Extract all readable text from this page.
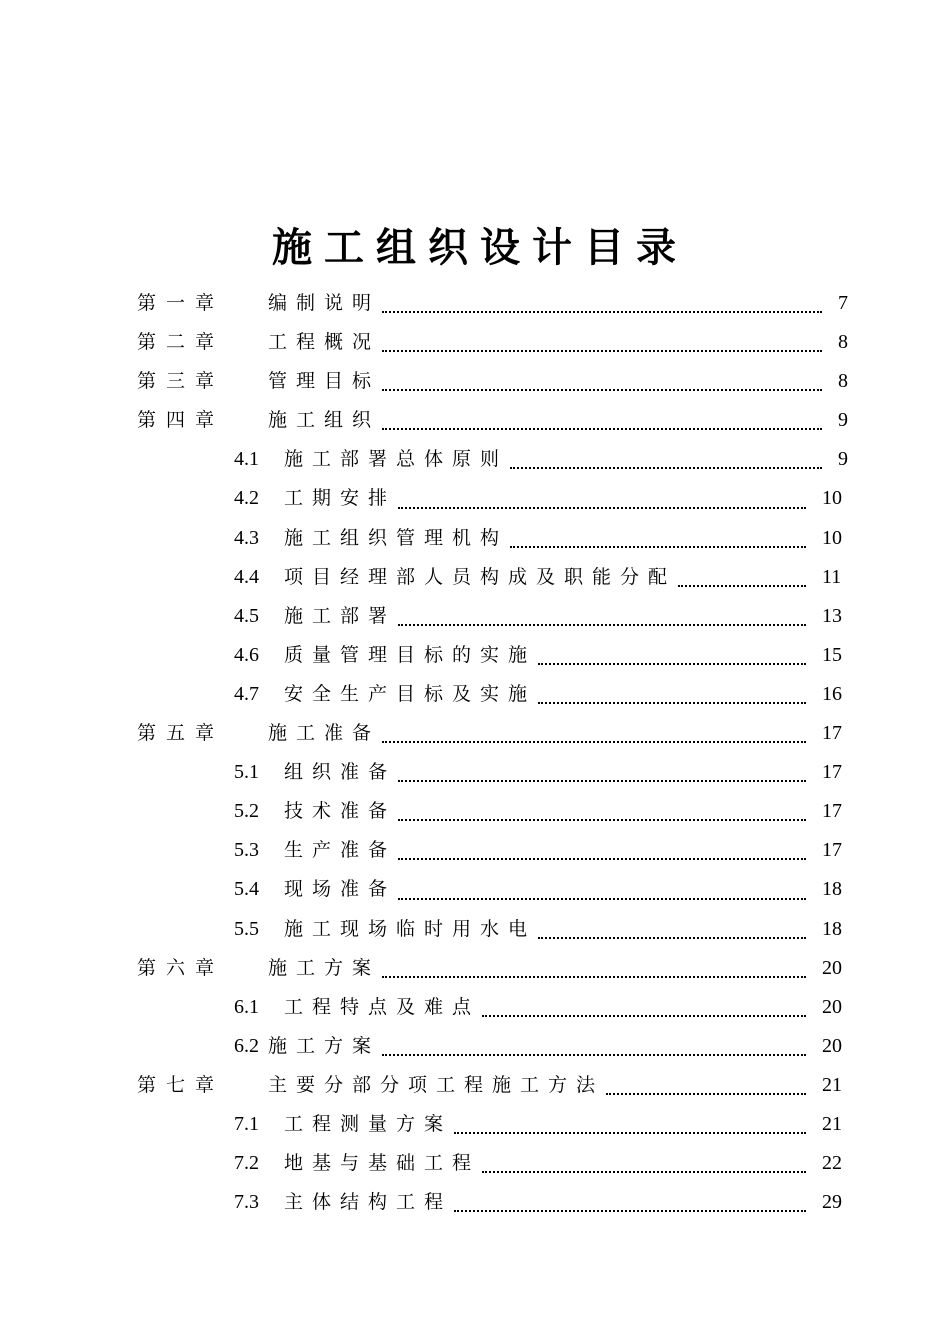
施工组织设计目录
第一章 编制说明	7
第二章 工程概况	8
第三章 管理目标	8
第四章 施工组织	9
4.1 施工部署总体原则	9
4.2 工期安排	10
4.3 施工组织管理机构	10
4.4 项目经理部人员构成及职能分配	11
4.5 施工部署	13
4.6 质量管理目标的实施	15
4.7 安全生产目标及实施	16
第五章 施工准备	17
5.1 组织准备	17
5.2 技术准备	17
5.3 生产准备	17
5.4 现场准备	18
5.5 施工现场临时用水电	18
第六章 施工方案	20
6.1 工程特点及难点	20
6.2 施工方案	20
第七章 主要分部分项工程施工方法	21
7.1 工程测量方案	21
7.2 地基与基础工程	22
7.3 主体结构工程	29
